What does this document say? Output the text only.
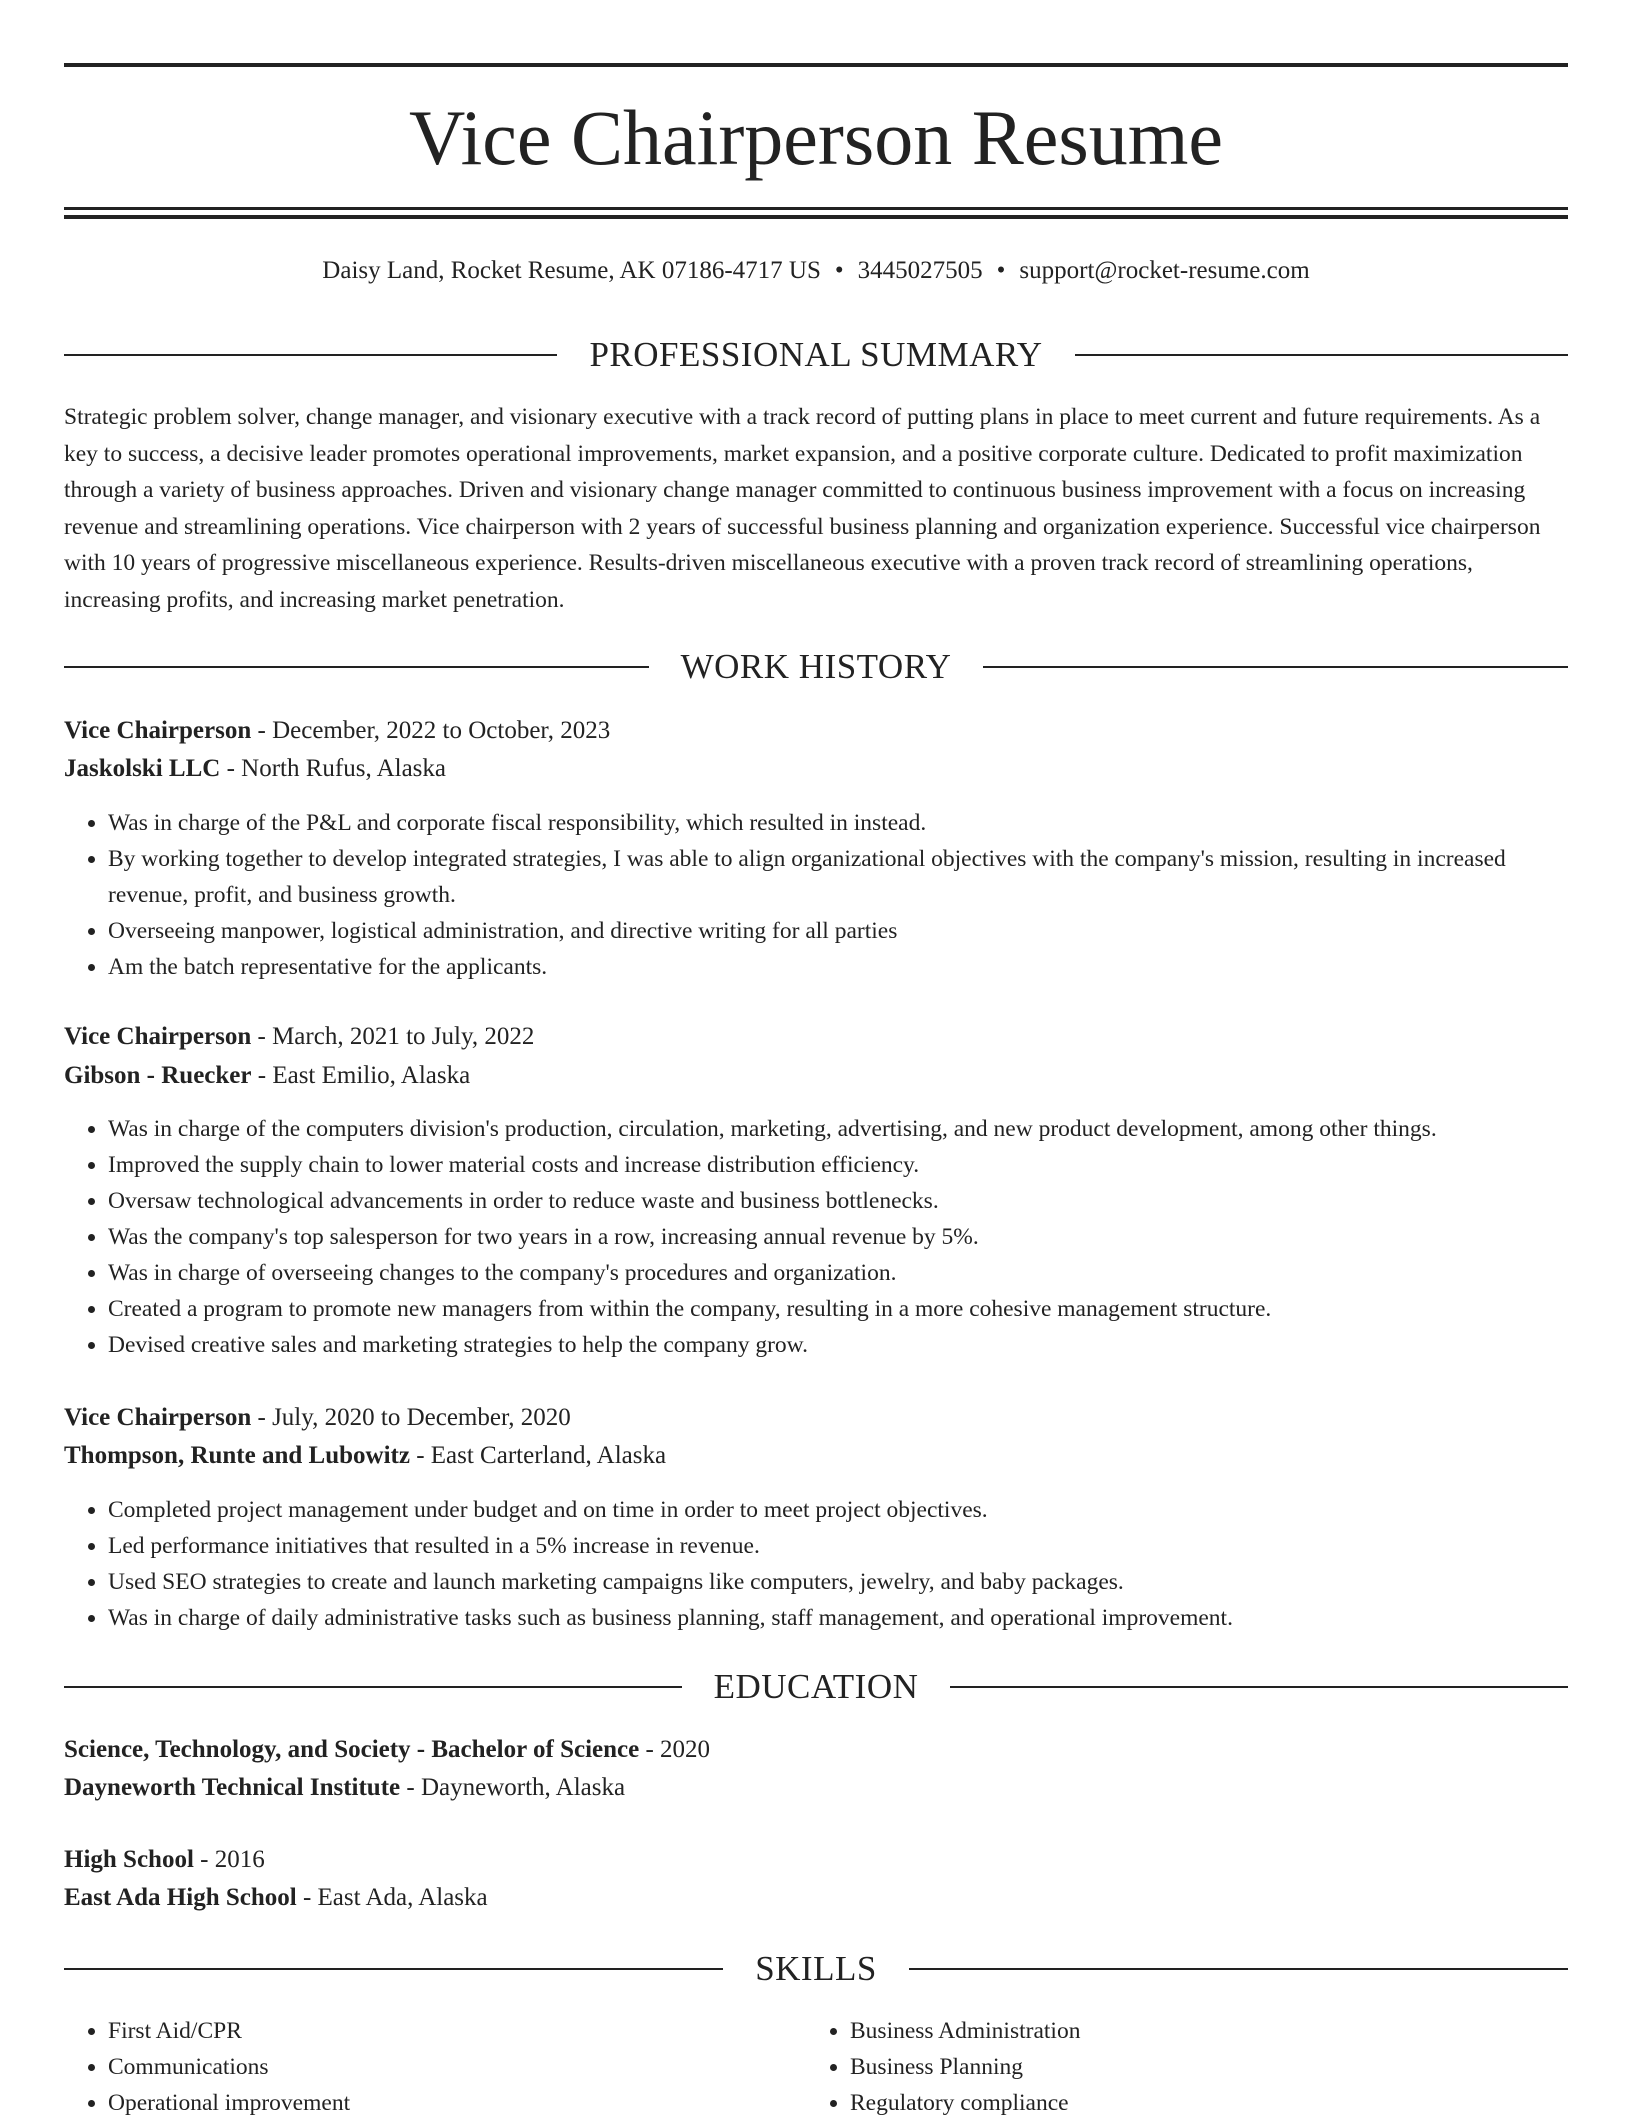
Vice Chairperson Resume
Daisy Land, Rocket Resume, AK 07186-4717 US • 3445027505 • support@rocket-resume.com
PROFESSIONAL SUMMARY

Strategic problem solver, change manager, and visionary executive with a track record of putting plans in place to meet current and future requirements. As a key to success, a decisive leader promotes operational improvements, market expansion, and a positive corporate culture. Dedicated to profit maximization through a variety of business approaches. Driven and visionary change manager committed to continuous business improvement with a focus on increasing revenue and streamlining operations. Vice chairperson with 2 years of successful business planning and organization experience. Successful vice chairperson with 10 years of progressive miscellaneous experience. Results-driven miscellaneous executive with a proven track record of streamlining operations, increasing profits, and increasing market penetration.

WORK HISTORY
Vice Chairperson - December, 2022 to October, 2023
Jaskolski LLC - North Rufus, Alaska
• Was in charge of the P&L and corporate fiscal responsibility, which resulted in instead.
• By working together to develop integrated strategies, I was able to align organizational objectives with the company's mission, resulting in increased revenue, profit, and business growth.
• Overseeing manpower, logistical administration, and directive writing for all parties
• Am the batch representative for the applicants.
Vice Chairperson - March, 2021 to July, 2022
Gibson - Ruecker - East Emilio, Alaska
• Was in charge of the computers division's production, circulation, marketing, advertising, and new product development, among other things.
• Improved the supply chain to lower material costs and increase distribution efficiency.
• Oversaw technological advancements in order to reduce waste and business bottlenecks.
• Was the company's top salesperson for two years in a row, increasing annual revenue by 5%.
• Was in charge of overseeing changes to the company's procedures and organization.
• Created a program to promote new managers from within the company, resulting in a more cohesive management structure.
• Devised creative sales and marketing strategies to help the company grow.
Vice Chairperson - July, 2020 to December, 2020
Thompson, Runte and Lubowitz - East Carterland, Alaska
• Completed project management under budget and on time in order to meet project objectives.
• Led performance initiatives that resulted in a 5% increase in revenue.
• Used SEO strategies to create and launch marketing campaigns like computers, jewelry, and baby packages.
• Was in charge of daily administrative tasks such as business planning, staff management, and operational improvement.
EDUCATION
Science, Technology, and Society - Bachelor of Science - 2020
Dayneworth Technical Institute - Dayneworth, Alaska
High School - 2016
East Ada High School - East Ada, Alaska
SKILLS
• First Aid/CPR
• Communications
• Operational improvement
• Business Administration
• Business Planning
• Regulatory compliance
